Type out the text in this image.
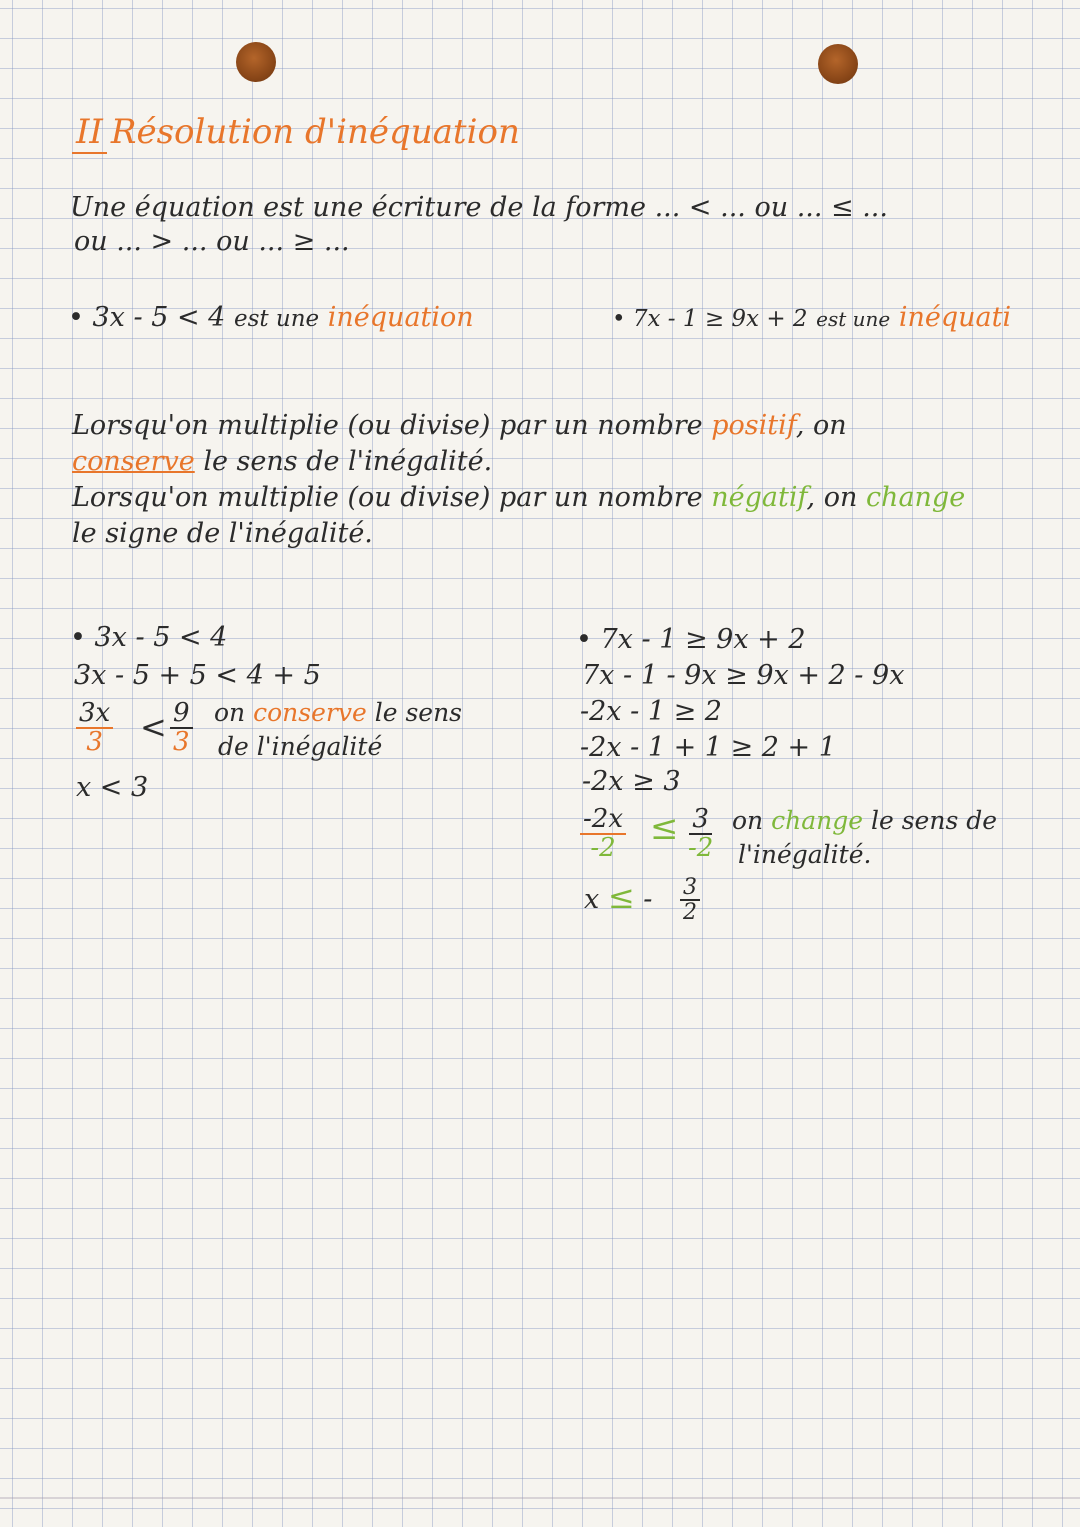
II Résolution d'inéquation
Une équation est une écriture de la forme ... < ... ou ... ≤ ...
ou ... > ... ou ... ≥ ...
• 3x - 5 < 4 est une inéquation	• 7x - 1 ≥ 9x + 2 est une inéquati
Lorsqu'on multiplie (ou divise) par un nombre positif, on
conserve le sens de l'inégalité.
Lorsqu'on multiplie (ou divise) par un nombre négatif, on change
le signe de l'inégalité.
• 3x - 5 < 4
3x - 5 + 5 < 4 + 5
$\frac{3x}{3} < \frac{9}{3}$ on conserve le sens
de l'inégalité
x < 3
• 7x - 1 ≥ 9x + 2
7x - 1 - 9x ≥ 9x + 2 - 9x
-2x - 1 ≥ 2
-2x - 1 + 1 ≥ 2 + 1
-2x ≥ 3
$\frac{-2x}{-2} \le \frac{3}{-2}$ on change le sens de
l'inégalité.
x ≤ - $\frac{3}{2}$
